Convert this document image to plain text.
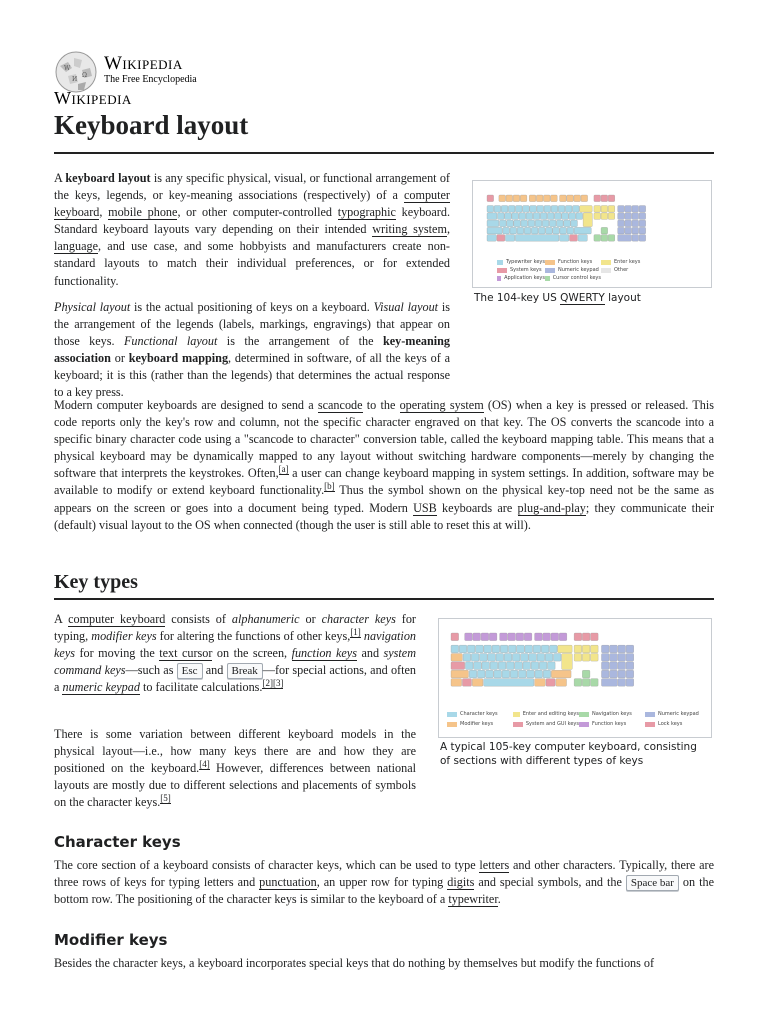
W
Ω
И
Wikipedia
The Free Encyclopedia
Wikipedia
Keyboard layout

A keyboard layout is any specific physical, visual, or functional arrangement of the keys, legends, or key-meaning associations (respectively) of a computer keyboard, mobile phone, or other computer-controlled typographic keyboard. Standard keyboard layouts vary depending on their intended writing system, language, and use case, and some hobbyists and manufacturers create non-standard layouts to match their individual preferences, or for extended functionality.

Typewriter keys	Function keys	Enter keys
System keys	Numeric keypad	Other
Application keys Cursor control keys
The 104-key US QWERTY layout

Physical layout is the actual positioning of keys on a keyboard. Visual layout is the arrangement of the legends (labels, markings, engravings) that appear on those keys. Functional layout is the arrangement of the key-meaning association or keyboard mapping, determined in software, of all the keys of a keyboard; it is this (rather than the legends) that determines the actual response to a key press.

Modern computer keyboards are designed to send a scancode to the operating system (OS) when a key is pressed or released. This code reports only the key's row and column, not the specific character engraved on that key. The OS converts the scancode into a specific binary character code using a "scancode to character" conversion table, called the keyboard mapping table. This means that a physical keyboard may be dynamically mapped to any layout without switching hardware components—merely by changing the software that interprets the keystrokes. Often,[a] a user can change keyboard mapping in system settings. In addition, software may be available to modify or extend keyboard functionality.[b] Thus the symbol shown on the physical key-top need not be the same as appears on the screen or goes into a document being typed. Modern USB keyboards are plug-and-play; they communicate their (default) visual layout to the OS when connected (though the user is still able to reset this at will).

Key types

A computer keyboard consists of alphanumeric or character keys for typing, modifier keys for altering the functions of other keys,[1] navigation keys for moving the text cursor on the screen, function keys and system command keys—such as Esc and Break —for special actions, and often a numeric keypad to facilitate calculations.[2][3]

There is some variation between different keyboard models in the physical layout—i.e., how many keys there are and how they are positioned on the keyboard.[4] However, differences between national layouts are mostly due to different selections and placements of symbols on the character keys.[5]

Character keys	Enter and editing keys	Navigation keys	Numeric keypad
Modifier keys	System and GUI keys	Function keys	Lock keys
A typical 105-key computer keyboard, consisting of sections with different types of keys
Character keys

The core section of a keyboard consists of character keys, which can be used to type letters and other characters. Typically, there are three rows of keys for typing letters and punctuation, an upper row for typing digits and special symbols, and the Space bar on the bottom row. The positioning of the character keys is similar to the keyboard of a typewriter.

Modifier keys

Besides the character keys, a keyboard incorporates special keys that do nothing by themselves but modify the functions of
